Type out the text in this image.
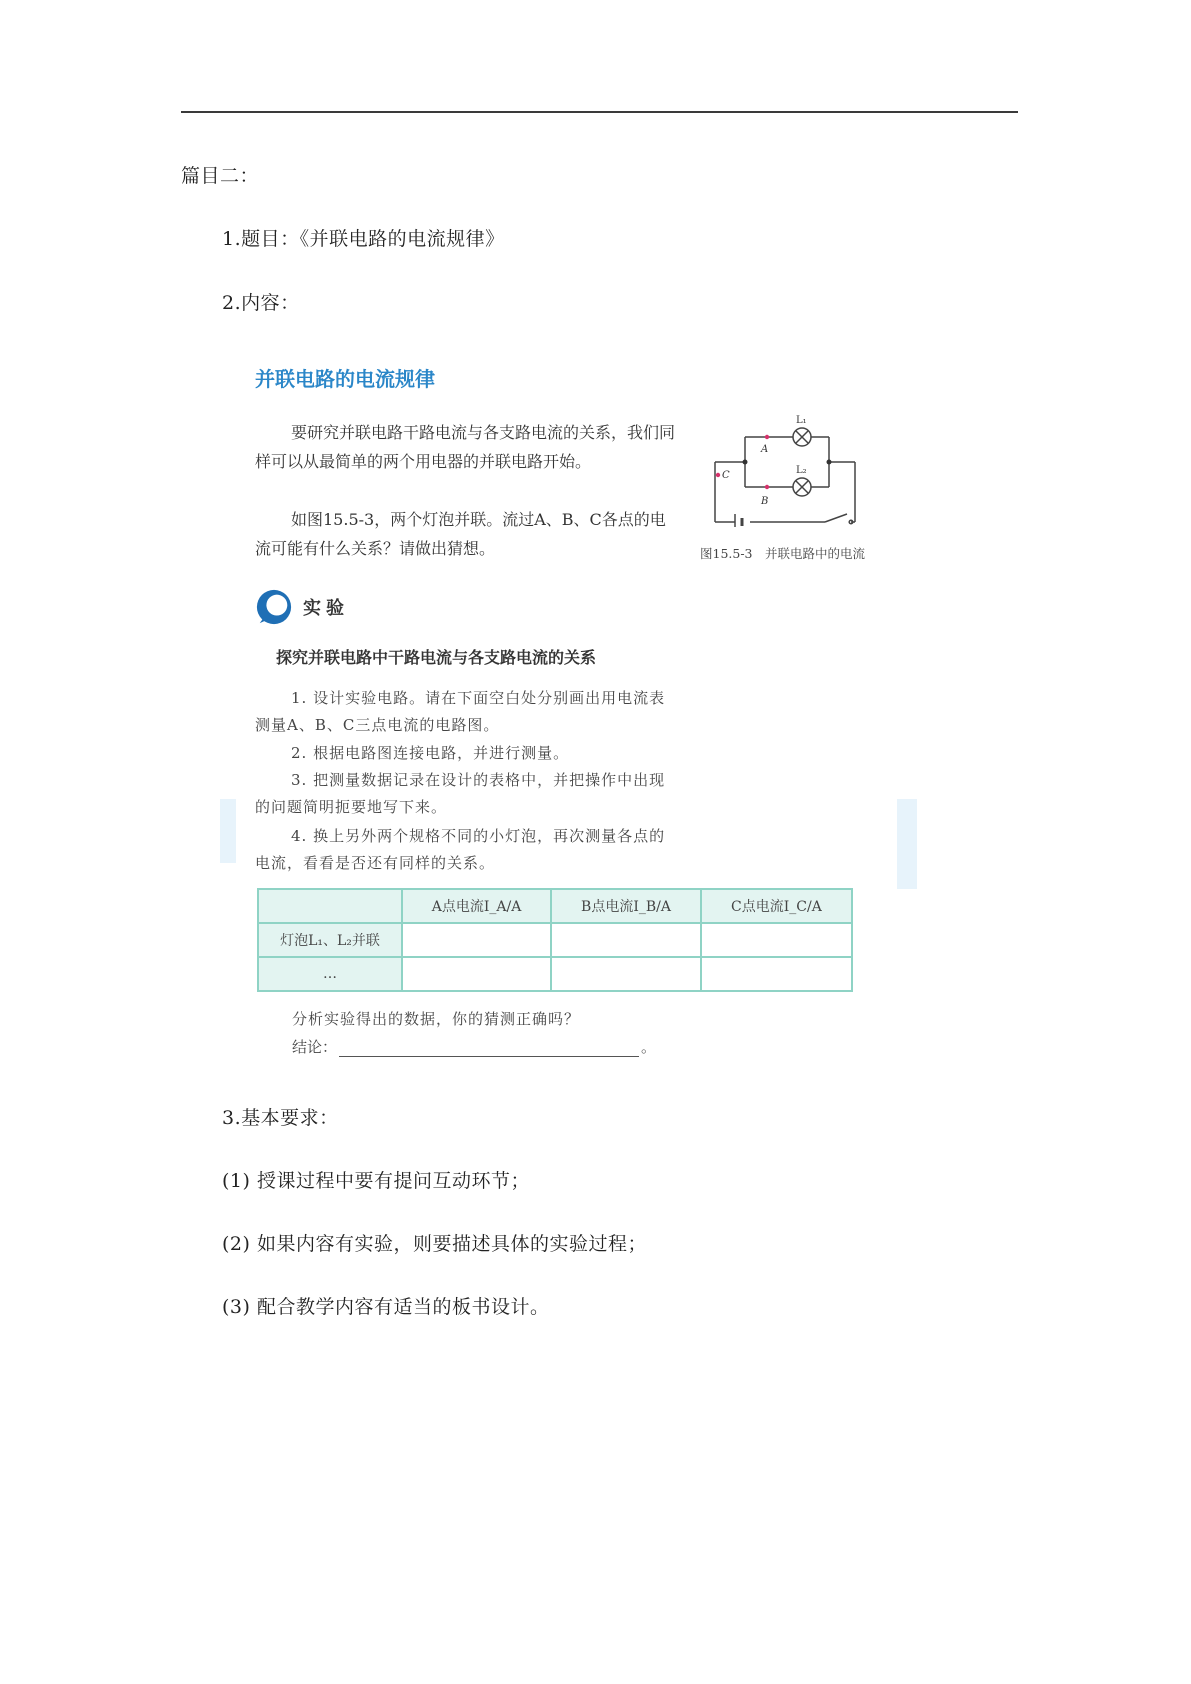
篇目二：
1.题目：《并联电路的电流规律》
2.内容：
并联电路的电流规律
要研究并联电路干路电流与各支路电流的关系，我们同样可以从最简单的两个用电器的并联电路开始。
如图15.5-3，两个灯泡并联。流过A、B、C各点的电流可能有什么关系？请做出猜想。
A
B
C
L₁
L₂
图15.5-3　并联电路中的电流
实验
探究并联电路中干路电流与各支路电流的关系
1. 设计实验电路。请在下面空白处分别画出用电流表测量A、B、C三点电流的电路图。
2. 根据电路图连接电路，并进行测量。
3. 把测量数据记录在设计的表格中，并把操作中出现的问题简明扼要地写下来。
4. 换上另外两个规格不同的小灯泡，再次测量各点的电流，看看是否还有同样的关系。
	A点电流I_A/A	B点电流I_B/A	C点电流I_C/A
灯泡L₁、L₂并联			
…			
分析实验得出的数据，你的猜测正确吗？
结论：	。
3.基本要求：
(1) 授课过程中要有提问互动环节；
(2) 如果内容有实验，则要描述具体的实验过程；
(3) 配合教学内容有适当的板书设计。
